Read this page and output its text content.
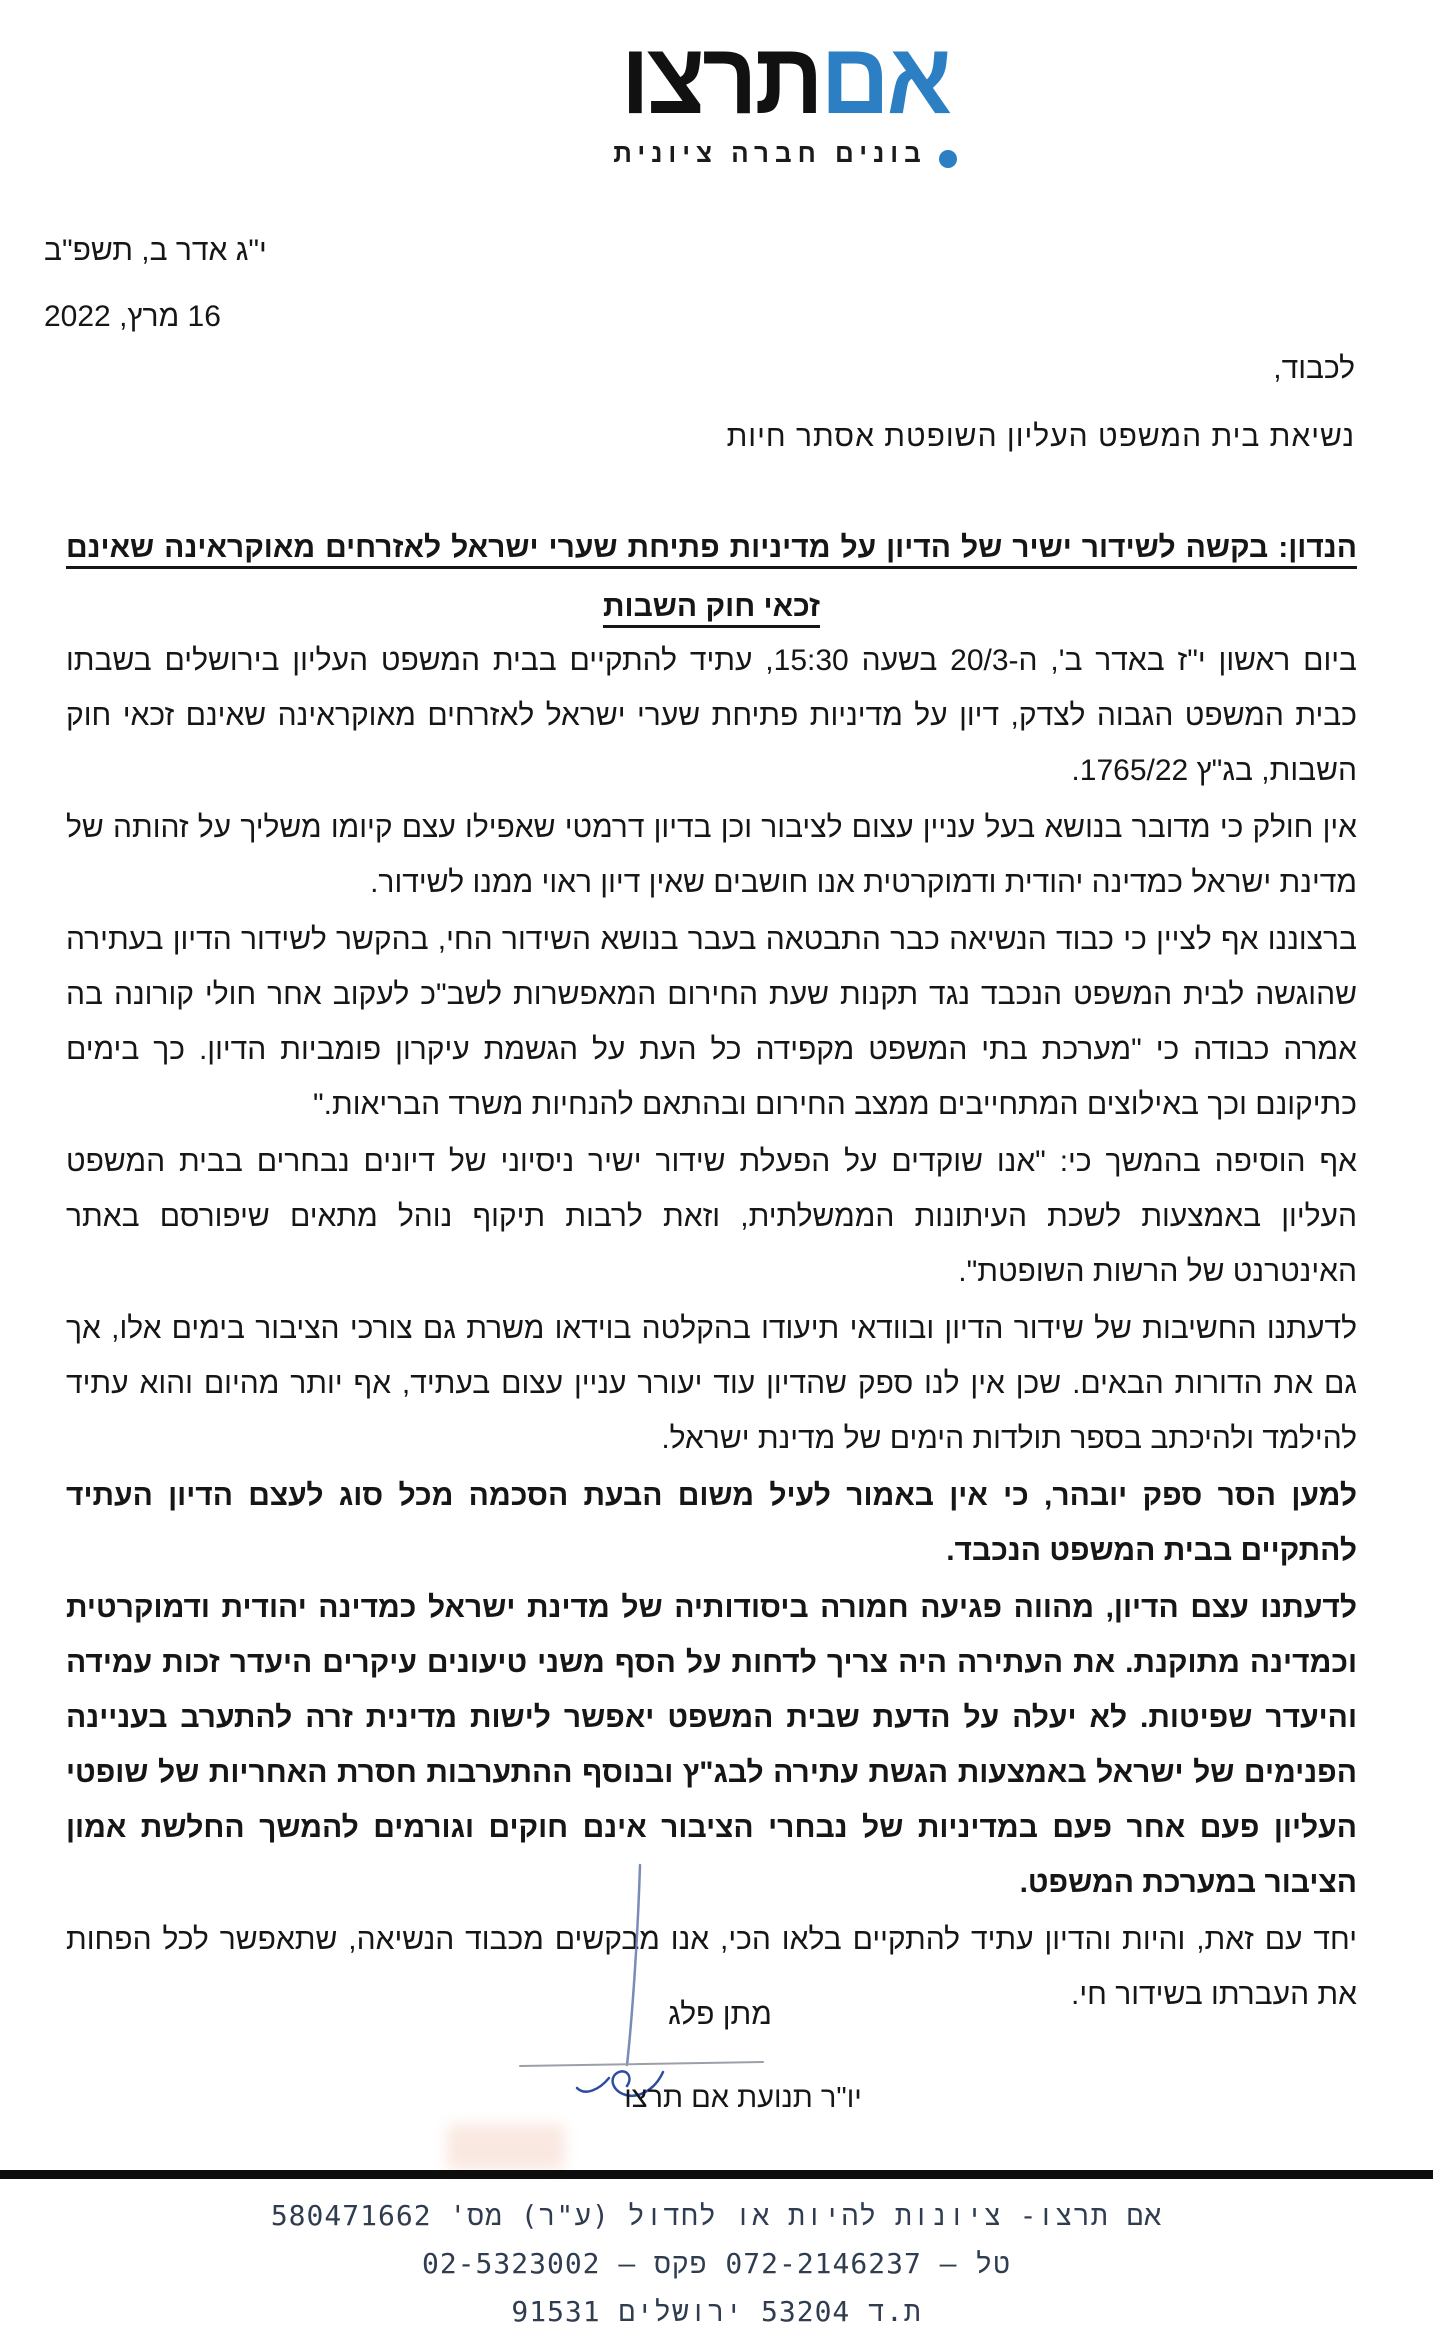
אםתרצו
בונים חברה ציונית
י"ג אדר ב, תשפ"ב
16 מרץ, 2022
לכבוד,
נשיאת בית המשפט העליון השופטת אסתר חיות
הנדון: בקשה לשידור ישיר של הדיון על מדיניות פתיחת שערי ישראל לאזרחים מאוקראינה שאינם זכאי חוק השבות

ביום ראשון י"ז באדר ב', ה-20/3 בשעה 15:30, עתיד להתקיים בבית המשפט העליון בירושלים בשבתו כבית המשפט הגבוה לצדק, דיון על מדיניות פתיחת שערי ישראל לאזרחים מאוקראינה שאינם זכאי חוק השבות, בג"ץ 1765/22.

אין חולק כי מדובר בנושא בעל עניין עצום לציבור וכן בדיון דרמטי שאפילו עצם קיומו משליך על זהותה של מדינת ישראל כמדינה יהודית ודמוקרטית אנו חושבים שאין דיון ראוי ממנו לשידור.

ברצוננו אף לציין כי כבוד הנשיאה כבר התבטאה בעבר בנושא השידור החי, בהקשר לשידור הדיון בעתירה שהוגשה לבית המשפט הנכבד נגד תקנות שעת החירום המאפשרות לשב"כ לעקוב אחר חולי קורונה בה אמרה כבודה כי "מערכת בתי המשפט מקפידה כל העת על הגשמת עיקרון פומביות הדיון. כך בימים כתיקונם וכך באילוצים המתחייבים ממצב החירום ובהתאם להנחיות משרד הבריאות."

אף הוסיפה בהמשך כי: "אנו שוקדים על הפעלת שידור ישיר ניסיוני של דיונים נבחרים בבית המשפט העליון באמצעות לשכת העיתונות הממשלתית, וזאת לרבות תיקוף נוהל מתאים שיפורסם באתר האינטרנט של הרשות השופטת".

לדעתנו החשיבות של שידור הדיון ובוודאי תיעודו בהקלטה בוידאו משרת גם צורכי הציבור בימים אלו, אך גם את הדורות הבאים. שכן אין לנו ספק שהדיון עוד יעורר עניין עצום בעתיד, אף יותר מהיום והוא עתיד להילמד ולהיכתב בספר תולדות הימים של מדינת ישראל.

למען הסר ספק יובהר, כי אין באמור לעיל משום הבעת הסכמה מכל סוג לעצם הדיון העתיד להתקיים בבית המשפט הנכבד.

לדעתנו עצם הדיון, מהווה פגיעה חמורה ביסודותיה של מדינת ישראל כמדינה יהודית ודמוקרטית וכמדינה מתוקנת. את העתירה היה צריך לדחות על הסף משני טיעונים עיקרים היעדר זכות עמידה והיעדר שפיטות. לא יעלה על הדעת שבית המשפט יאפשר לישות מדינית זרה להתערב בעניינה הפנימים של ישראל באמצעות הגשת עתירה לבג"ץ ובנוסף ההתערבות חסרת האחריות של שופטי העליון פעם אחר פעם במדיניות של נבחרי הציבור אינם חוקים וגורמים להמשך החלשת אמון הציבור במערכת המשפט.

יחד עם זאת, והיות והדיון עתיד להתקיים בלאו הכי, אנו מבקשים מכבוד הנשיאה, שתאפשר לכל הפחות את העברתו בשידור חי.

מתן פלג
יו"ר תנועת אם תרצו
אם תרצו- ציונות להיות או לחדול (ע"ר) מס' 580471662
טל — 072-2146237 פקס — 02-5323002
ת.ד 53204 ירושלים 91531
